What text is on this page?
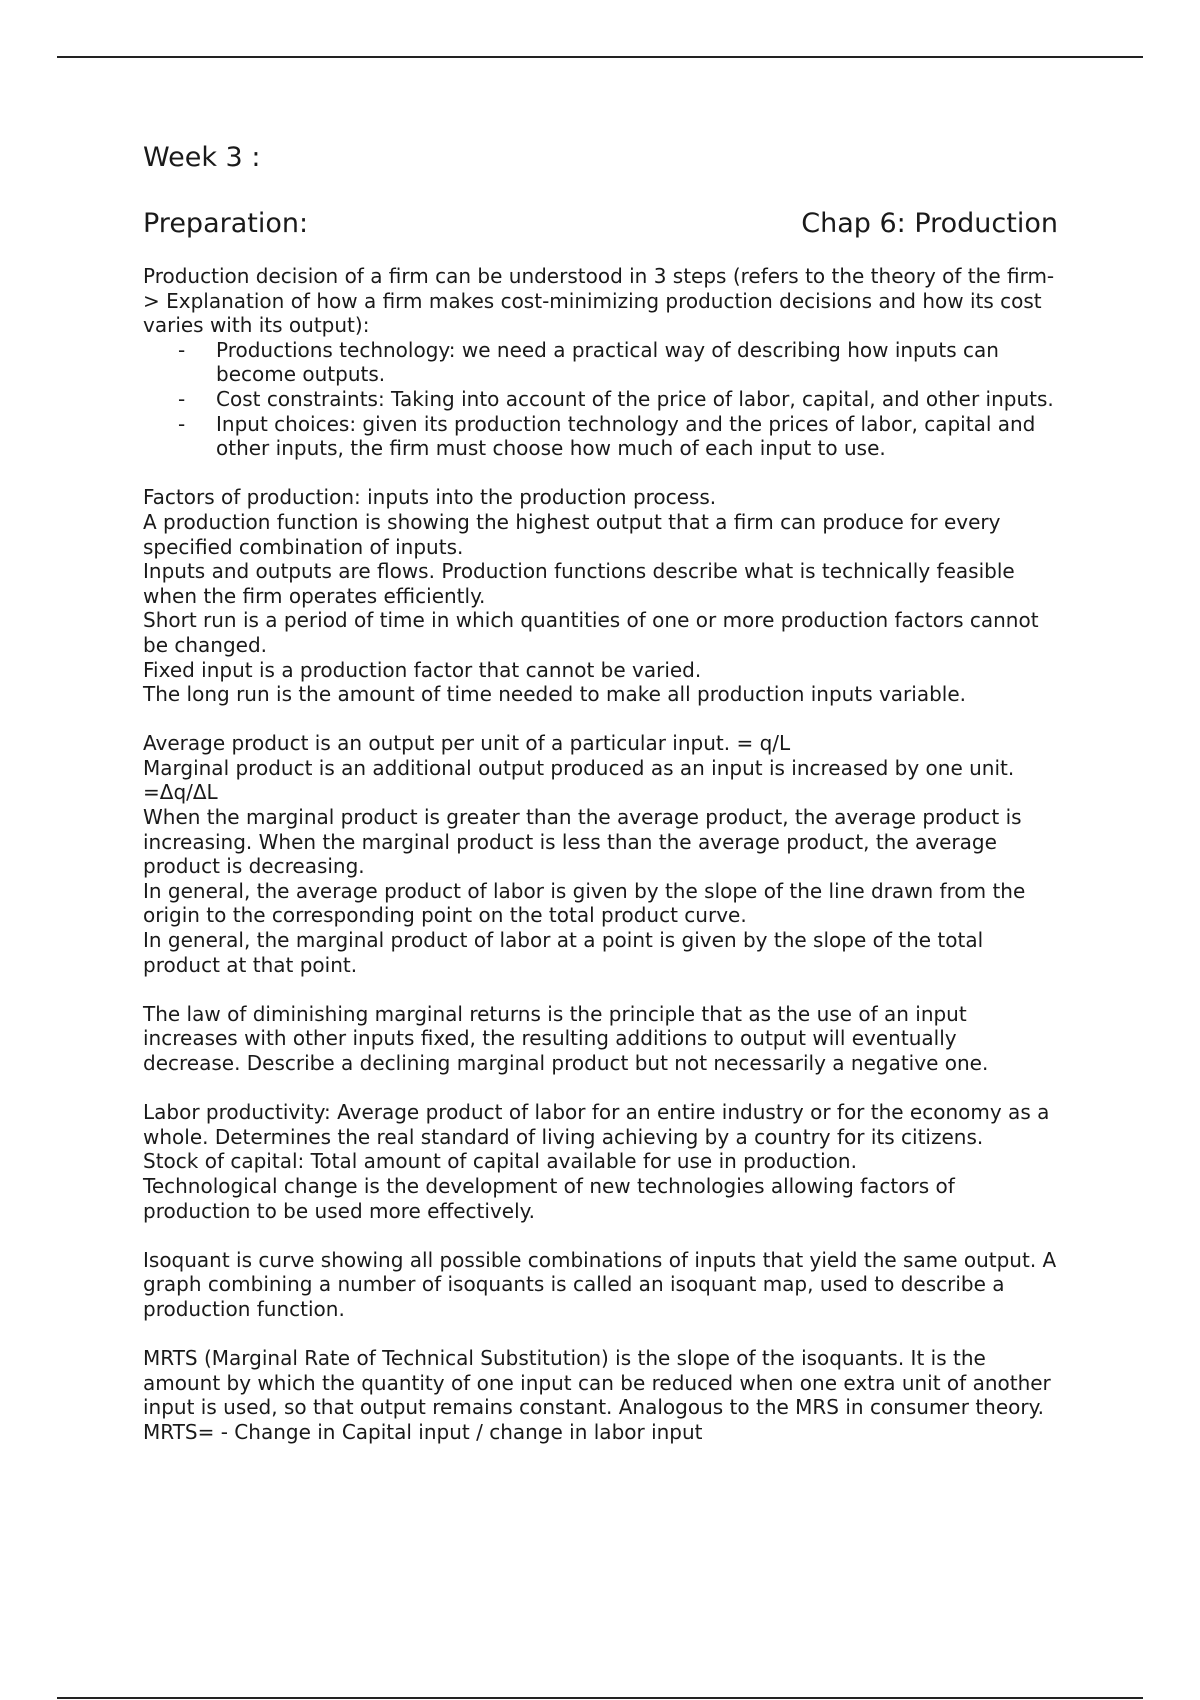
Week 3 :
Preparation:	Chap 6: Production

Production decision of a firm can be understood in 3 steps (refers to the theory of the firm-> Explanation of how a firm makes cost-minimizing production decisions and how its cost varies with its output):

- Productions technology: we need a practical way of describing how inputs can become outputs.
- Cost constraints: Taking into account of the price of labor, capital, and other inputs.
- Input choices: given its production technology and the prices of labor, capital and other inputs, the firm must choose how much of each input to use.

Factors of production: inputs into the production process.

A production function is showing the highest output that a firm can produce for every specified combination of inputs.

Inputs and outputs are flows. Production functions describe what is technically feasible when the firm operates efficiently.

Short run is a period of time in which quantities of one or more production factors cannot be changed.

Fixed input is a production factor that cannot be varied.

The long run is the amount of time needed to make all production inputs variable.

Average product is an output per unit of a particular input. = q/L

Marginal product is an additional output produced as an input is increased by one unit. =Δq/ΔL

When the marginal product is greater than the average product, the average product is increasing. When the marginal product is less than the average product, the average product is decreasing.

In general, the average product of labor is given by the slope of the line drawn from the origin to the corresponding point on the total product curve.

In general, the marginal product of labor at a point is given by the slope of the total product at that point.

The law of diminishing marginal returns is the principle that as the use of an input increases with other inputs fixed, the resulting additions to output will eventually decrease. Describe a declining marginal product but not necessarily a negative one.

Labor productivity: Average product of labor for an entire industry or for the economy as a whole. Determines the real standard of living achieving by a country for its citizens.

Stock of capital: Total amount of capital available for use in production.

Technological change is the development of new technologies allowing factors of production to be used more effectively.

Isoquant is curve showing all possible combinations of inputs that yield the same output. A graph combining a number of isoquants is called an isoquant map, used to describe a production function.

MRTS (Marginal Rate of Technical Substitution) is the slope of the isoquants. It is the amount by which the quantity of one input can be reduced when one extra unit of another input is used, so that output remains constant. Analogous to the MRS in consumer theory.

MRTS= - Change in Capital input / change in labor input
